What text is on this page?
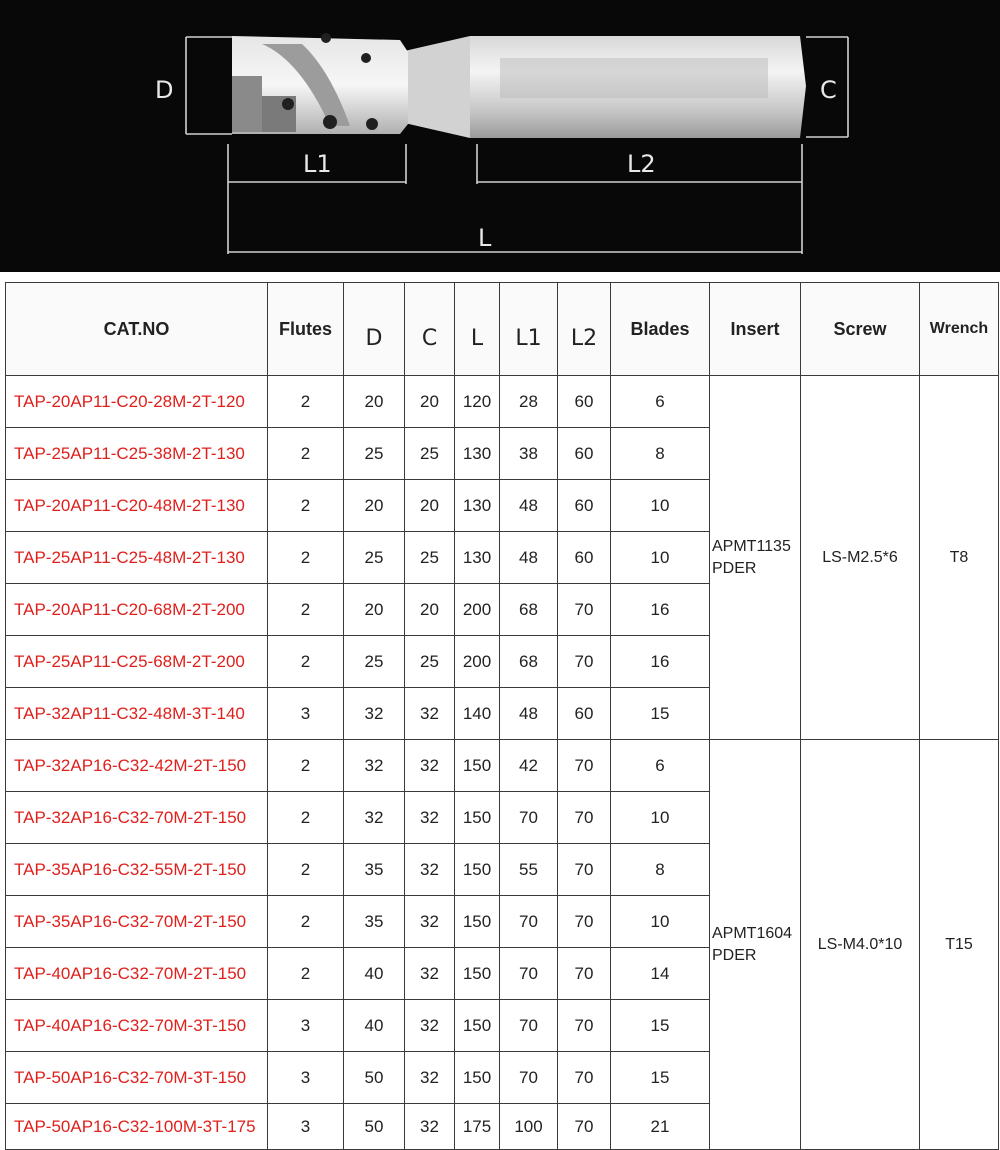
D	C
L1	L2
L
CAT.NO	Flutes	D	C	L	L1	L2	Blades	Insert	Screw	Wrench
TAP-20AP11-C20-28M-2T-120	2	20	20	120	28	60	6	APMT1135
PDER	LS-M2.5*6	T8
TAP-25AP11-C25-38M-2T-130	2	25	25	130	38	60	8			
TAP-20AP11-C20-48M-2T-130	2	20	20	130	48	60	10			
TAP-25AP11-C25-48M-2T-130	2	25	25	130	48	60	10			
TAP-20AP11-C20-68M-2T-200	2	20	20	200	68	70	16			
TAP-25AP11-C25-68M-2T-200	2	25	25	200	68	70	16			
TAP-32AP11-C32-48M-3T-140	3	32	32	140	48	60	15			
TAP-32AP16-C32-42M-2T-150	2	32	32	150	42	70	6	APMT1604
PDER	LS-M4.0*10	T15
TAP-32AP16-C32-70M-2T-150	2	32	32	150	70	70	10			
TAP-35AP16-C32-55M-2T-150	2	35	32	150	55	70	8			
TAP-35AP16-C32-70M-2T-150	2	35	32	150	70	70	10			
TAP-40AP16-C32-70M-2T-150	2	40	32	150	70	70	14			
TAP-40AP16-C32-70M-3T-150	3	40	32	150	70	70	15			
TAP-50AP16-C32-70M-3T-150	3	50	32	150	70	70	15			
TAP-50AP16-C32-100M-3T-175	3	50	32	175	100	70	21			
